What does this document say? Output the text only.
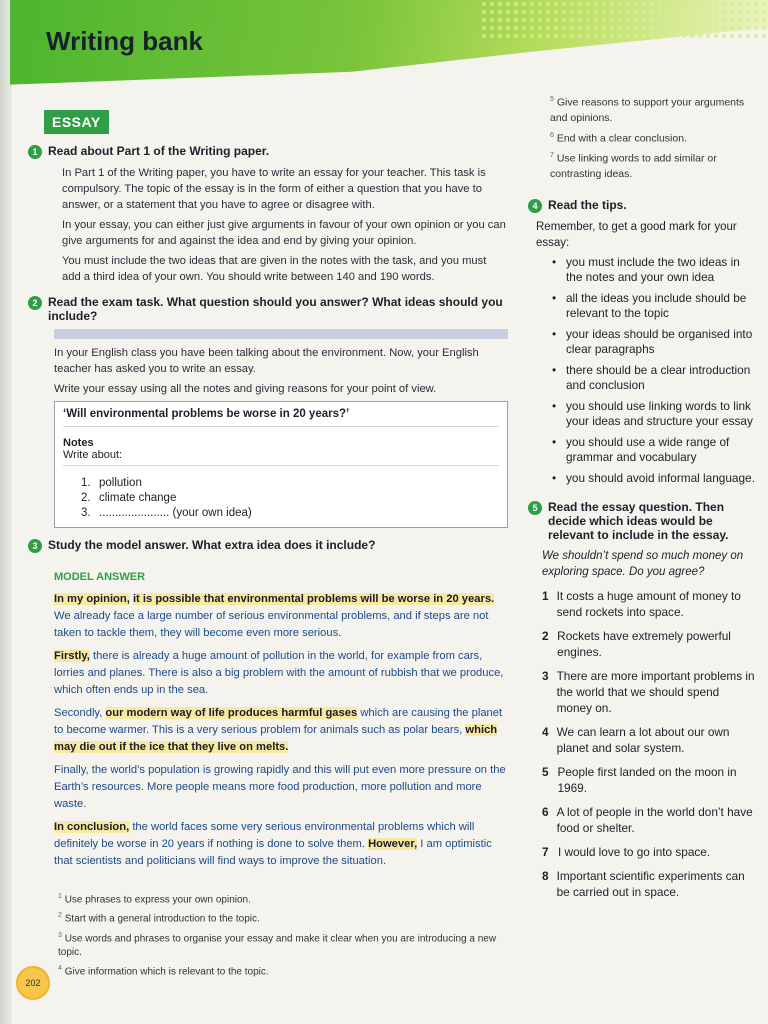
Writing bank
ESSAY
1 Read about Part 1 of the Writing paper.

In Part 1 of the Writing paper, you have to write an essay for your teacher. This task is compulsory. The topic of the essay is in the form of either a question that you have to answer, or a statement that you have to agree or disagree with.

In your essay, you can either just give arguments in favour of your own opinion or you can give arguments for and against the idea and end by giving your opinion.

You must include the two ideas that are given in the notes with the task, and you must add a third idea of your own. You should write between 140 and 190 words.

2 Read the exam task. What question should you answer? What ideas should you include?

In your English class you have been talking about the environment. Now, your English teacher has asked you to write an essay.

Write your essay using all the notes and giving reasons for your point of view.

‘Will environmental problems be worse in 20 years?’
Notes
Write about:
1. pollution
2. climate change
3. ...................... (your own idea)
3 Study the model answer. What extra idea does it include?
MODEL ANSWER

In my opinion, it is possible that environmental problems will be worse in 20 years. We already face a large number of serious environmental problems, and if steps are not taken to tackle them, they will become even more serious.

Firstly, there is already a huge amount of pollution in the world, for example from cars, lorries and planes. There is also a big problem with the amount of rubbish that we produce, which often ends up in the sea.

Secondly, our modern way of life produces harmful gases which are causing the planet to become warmer. This is a very serious problem for animals such as polar bears, which may die out if the ice that they live on melts.

Finally, the world’s population is growing rapidly and this will put even more pressure on the Earth’s resources. More people means more food production, more pollution and more waste.

In conclusion, the world faces some very serious environmental problems which will definitely be worse in 20 years if nothing is done to solve them. However, I am optimistic that scientists and politicians will find ways to improve the situation.

$^1$ Use phrases to express your own opinion.
$^2$ Start with a general introduction to the topic.
$^3$ Use words and phrases to organise your essay and make it clear when you are introducing a new topic.
$^4$ Give information which is relevant to the topic.
202
$^5$ Give reasons to support your arguments and opinions.
$^6$ End with a clear conclusion.
$^7$ Use linking words to add similar or contrasting ideas.
4 Read the tips.
Remember, to get a good mark for your essay:
• you must include the two ideas in the notes and your own idea
• all the ideas you include should be relevant to the topic
• your ideas should be organised into clear paragraphs
• there should be a clear introduction and conclusion
• you should use linking words to link your ideas and structure your essay
• you should use a wide range of grammar and vocabulary
• you should avoid informal language.
5 Read the essay question. Then decide which ideas would be relevant to include in the essay.
We shouldn’t spend so much money on exploring space. Do you agree?
1 It costs a huge amount of money to send rockets into space.
2 Rockets have extremely powerful engines.
3 There are more important problems in the world that we should spend money on.
4 We can learn a lot about our own planet and solar system.
5 People first landed on the moon in 1969.
6 A lot of people in the world don’t have food or shelter.
7 I would love to go into space.
8 Important scientific experiments can be carried out in space.
